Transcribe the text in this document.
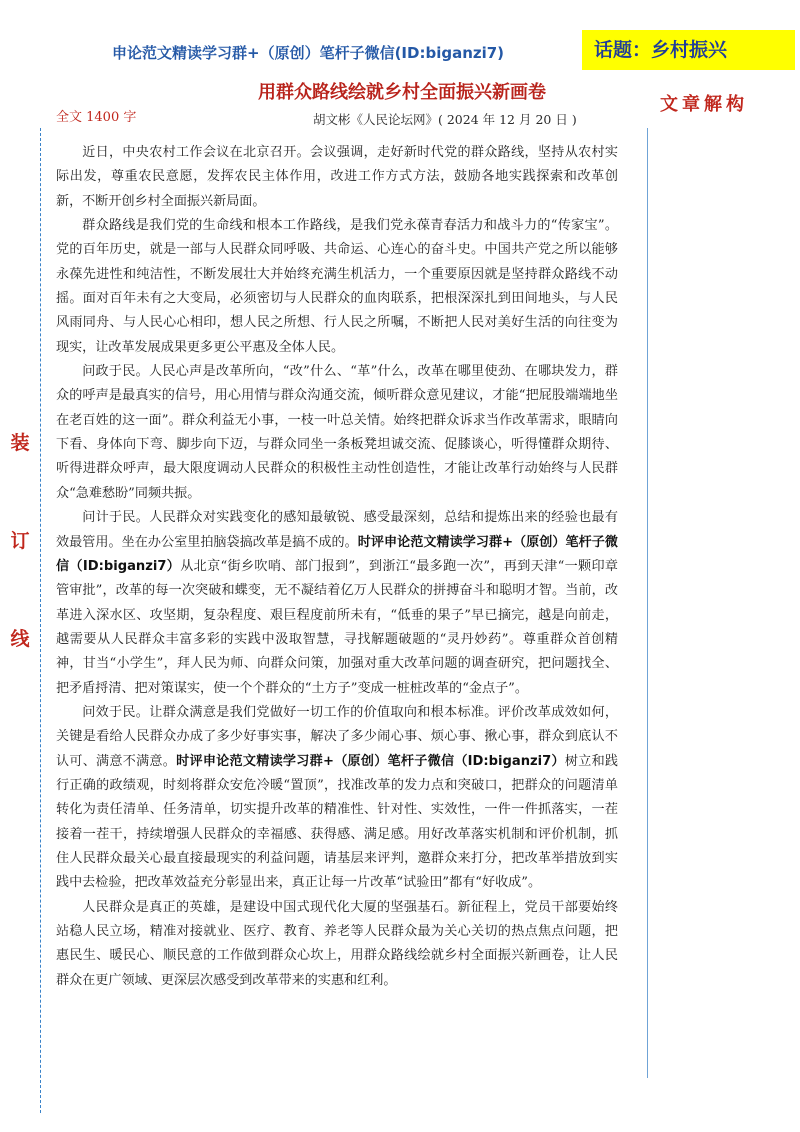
申论范文精读学习群+（原创）笔杆子微信(ID:biganzi7)	话题：乡村振兴
用群众路线绘就乡村全面振兴新画卷
文章解构
全文 1400 字	胡文彬《人民论坛网》( 2024 年 12 月 20 日 )
装
订
线

近日，中央农村工作会议在北京召开。会议强调，走好新时代党的群众路线，坚持从农村实际出发，尊重农民意愿，发挥农民主体作用，改进工作方式方法，鼓励各地实践探索和改革创新，不断开创乡村全面振兴新局面。

群众路线是我们党的生命线和根本工作路线，是我们党永葆青春活力和战斗力的“传家宝”。党的百年历史，就是一部与人民群众同呼吸、共命运、心连心的奋斗史。中国共产党之所以能够永葆先进性和纯洁性，不断发展壮大并始终充满生机活力，一个重要原因就是坚持群众路线不动摇。面对百年未有之大变局，必须密切与人民群众的血肉联系，把根深深扎到田间地头，与人民风雨同舟、与人民心心相印，想人民之所想、行人民之所嘱，不断把人民对美好生活的向往变为现实，让改革发展成果更多更公平惠及全体人民。

问政于民。人民心声是改革所向，“改”什么、“革”什么，改革在哪里使劲、在哪块发力，群众的呼声是最真实的信号，用心用情与群众沟通交流，倾听群众意见建议，才能“把屁股端端地坐在老百姓的这一面”。群众利益无小事，一枝一叶总关情。始终把群众诉求当作改革需求，眼睛向下看、身体向下弯、脚步向下迈，与群众同坐一条板凳坦诚交流、促膝谈心，听得懂群众期待、听得进群众呼声，最大限度调动人民群众的积极性主动性创造性，才能让改革行动始终与人民群众“急难愁盼”同频共振。

问计于民。人民群众对实践变化的感知最敏锐、感受最深刻，总结和提炼出来的经验也最有效最管用。坐在办公室里拍脑袋搞改革是搞不成的。时评申论范文精读学习群+（原创）笔杆子微信（ID:biganzi7）从北京“街乡吹哨、部门报到”，到浙江“最多跑一次”，再到天津“一颗印章管审批”，改革的每一次突破和蝶变，无不凝结着亿万人民群众的拼搏奋斗和聪明才智。当前，改革进入深水区、攻坚期，复杂程度、艰巨程度前所未有，“低垂的果子”早已摘完，越是向前走，越需要从人民群众丰富多彩的实践中汲取智慧，寻找解题破题的“灵丹妙药”。尊重群众首创精神，甘当“小学生”，拜人民为师、向群众问策，加强对重大改革问题的调查研究，把问题找全、把矛盾捋清、把对策谋实，使一个个群众的“土方子”变成一桩桩改革的“金点子”。

问效于民。让群众满意是我们党做好一切工作的价值取向和根本标准。评价改革成效如何，关键是看给人民群众办成了多少好事实事，解决了多少闹心事、烦心事、揪心事，群众到底认不认可、满意不满意。时评申论范文精读学习群+（原创）笔杆子微信（ID:biganzi7）树立和践行正确的政绩观，时刻将群众安危冷暖“置顶”，找准改革的发力点和突破口，把群众的问题清单转化为责任清单、任务清单，切实提升改革的精准性、针对性、实效性，一件一件抓落实，一茬接着一茬干，持续增强人民群众的幸福感、获得感、满足感。用好改革落实机制和评价机制，抓住人民群众最关心最直接最现实的利益问题，请基层来评判，邀群众来打分，把改革举措放到实践中去检验，把改革效益充分彰显出来，真正让每一片改革“试验田”都有“好收成”。

人民群众是真正的英雄，是建设中国式现代化大厦的坚强基石。新征程上，党员干部要始终站稳人民立场，精准对接就业、医疗、教育、养老等人民群众最为关心关切的热点焦点问题，把惠民生、暖民心、顺民意的工作做到群众心坎上，用群众路线绘就乡村全面振兴新画卷，让人民群众在更广领域、更深层次感受到改革带来的实惠和红利。
